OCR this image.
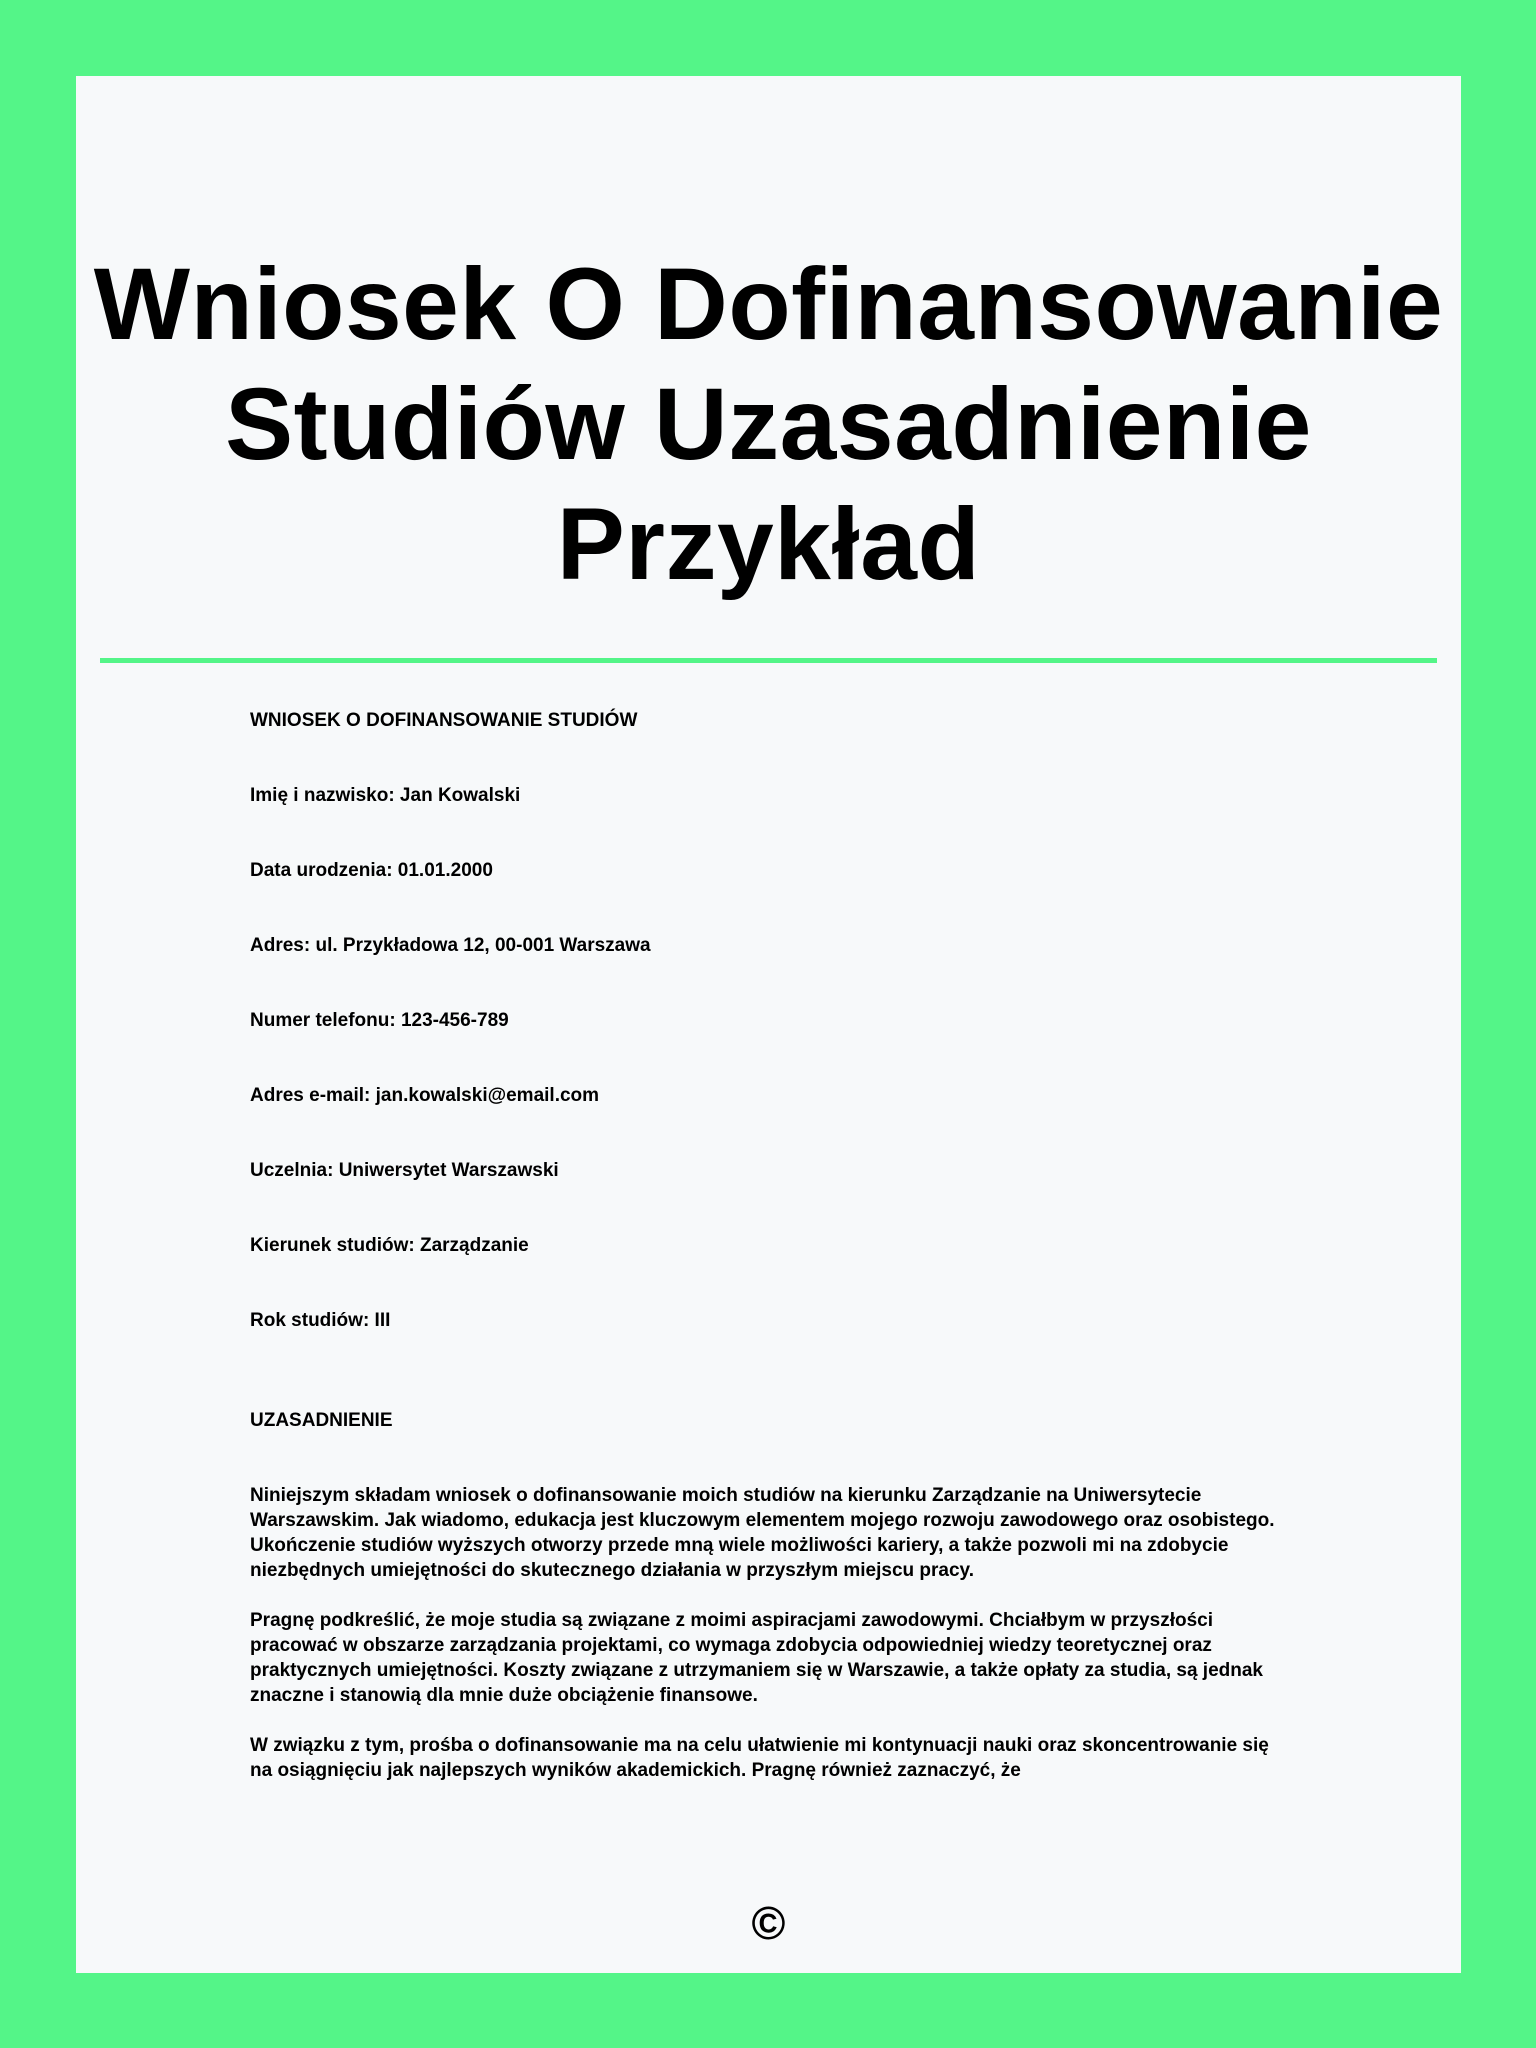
Wniosek O Dofinansowanie Studiów Uzasadnienie Przykład

WNIOSEK O DOFINANSOWANIE STUDIÓW

Imię i nazwisko: Jan Kowalski

Data urodzenia: 01.01.2000

Adres: ul. Przykładowa 12, 00-001 Warszawa

Numer telefonu: 123-456-789

Adres e-mail: jan.kowalski@email.com

Uczelnia: Uniwersytet Warszawski

Kierunek studiów: Zarządzanie

Rok studiów: III

UZASADNIENIE

Niniejszym składam wniosek o dofinansowanie moich studiów na kierunku Zarządzanie na Uniwersytecie Warszawskim. Jak wiadomo, edukacja jest kluczowym elementem mojego rozwoju zawodowego oraz osobistego. Ukończenie studiów wyższych otworzy przede mną wiele możliwości kariery, a także pozwoli mi na zdobycie niezbędnych umiejętności do skutecznego działania w przyszłym miejscu pracy.

Pragnę podkreślić, że moje studia są związane z moimi aspiracjami zawodowymi. Chciałbym w przyszłości pracować w obszarze zarządzania projektami, co wymaga zdobycia odpowiedniej wiedzy teoretycznej oraz praktycznych umiejętności. Koszty związane z utrzymaniem się w Warszawie, a także opłaty za studia, są jednak znaczne i stanowią dla mnie duże obciążenie finansowe.

W związku z tym, prośba o dofinansowanie ma na celu ułatwienie mi kontynuacji nauki oraz skoncentrowanie się na osiągnięciu jak najlepszych wyników akademickich. Pragnę również zaznaczyć, że

©
